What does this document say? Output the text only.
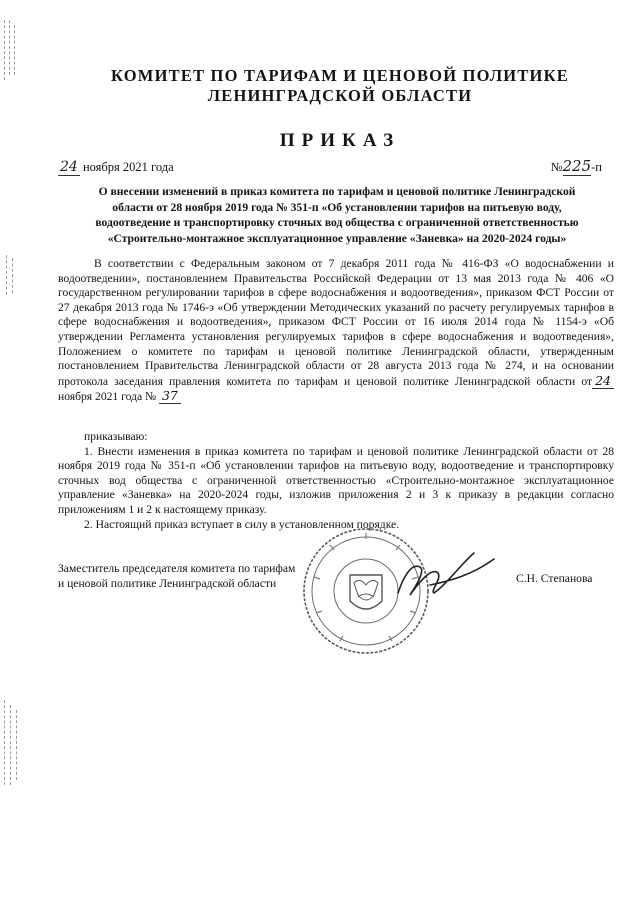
КОМИТЕТ ПО ТАРИФАМ И ЦЕНОВОЙ ПОЛИТИКЕ
ЛЕНИНГРАДСКОЙ ОБЛАСТИ
ПРИКАЗ
24 ноября 2021 года	№225-п
О внесении изменений в приказ комитета по тарифам и ценовой политике Ленинградской
области от 28 ноября 2019 года № 351-п «Об установлении тарифов на питьевую воду,
водоотведение и транспортировку сточных вод общества с ограниченной ответственностью
«Строительно-монтажное эксплуатационное управление «Заневка» на 2020-2024 годы»

В соответствии с Федеральным законом от 7 декабря 2011 года № 416-ФЗ «О водоснабжении и водоотведении», постановлением Правительства Российской Федерации от 13 мая 2013 года № 406 «О государственном регулировании тарифов в сфере водоснабжения и водоотведения», приказом ФСТ России от 27 декабря 2013 года № 1746-э «Об утверждении Методических указаний по расчету регулируемых тарифов в сфере водоснабжения и водоотведения», приказом ФСТ России от 16 июля 2014 года № 1154-э «Об утверждении Регламента установления регулируемых тарифов в сфере водоснабжения и водоотведения», Положением о комитете по тарифам и ценовой политике Ленинградской области, утвержденным постановлением Правительства Ленинградской области от 28 августа 2013 года № 274, и на основании протокола заседания правления комитета по тарифам и ценовой политике Ленинградской области от 24 ноября 2021 года № 37

приказываю:

1. Внести изменения в приказ комитета по тарифам и ценовой политике Ленинградской области от 28 ноября 2019 года № 351-п «Об установлении тарифов на питьевую воду, водоотведение и транспортировку сточных вод общества с ограниченной ответственностью «Строительно-монтажное эксплуатационное управление «Заневка» на 2020-2024 годы, изложив приложения 2 и 3 к приказу в редакции согласно приложениям 1 и 2 к настоящему приказу.

2. Настоящий приказ вступает в силу в установленном порядке.

Заместитель председателя комитета по тарифам
и ценовой политике Ленинградской области	С.Н. Степанова
